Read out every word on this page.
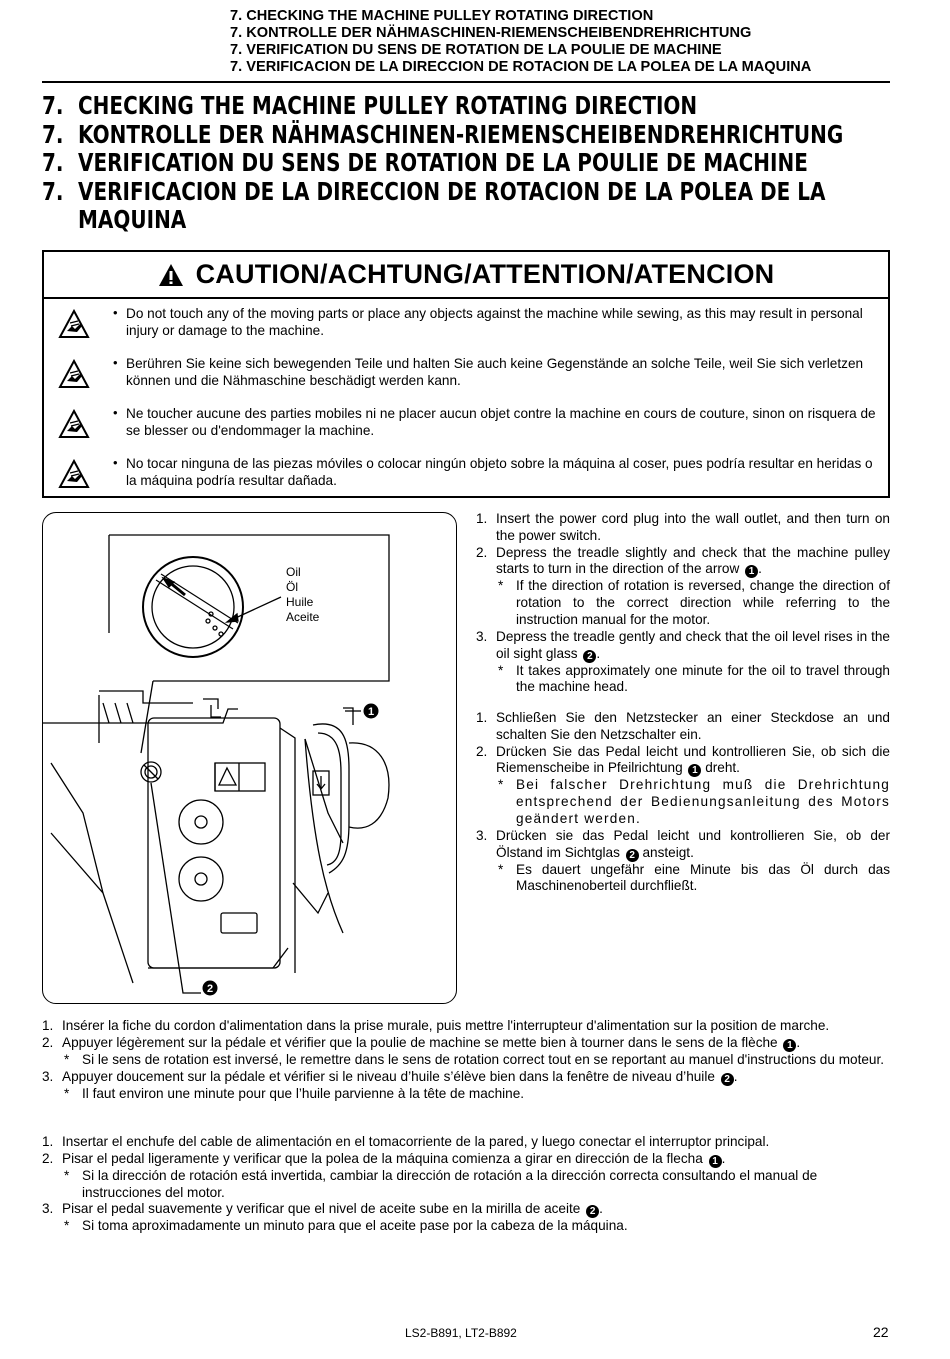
7. CHECKING THE MACHINE PULLEY ROTATING DIRECTION
7. KONTROLLE DER NÄHMASCHINEN-RIEMENSCHEIBENDREHRICHTUNG
7. VERIFICATION DU SENS DE ROTATION DE LA POULIE DE MACHINE
7. VERIFICACION DE LA DIRECCION DE ROTACION DE LA POLEA DE LA MAQUINA
7. CHECKING THE MACHINE PULLEY ROTATING DIRECTION
7. KONTROLLE DER NÄHMASCHINEN-RIEMENSCHEIBENDREHRICHTUNG
7. VERIFICATION DU SENS DE ROTATION DE LA POULIE DE MACHINE
7. VERIFICACION DE LA DIRECCION DE ROTACION DE LA POLEA DE LA
MAQUINA
CAUTION/ACHTUNG/ATTENTION/ATENCION
• Do not touch any of the moving parts or place any objects against the machine while sewing, as this may result in personal injury or damage to the machine.
• Berühren Sie keine sich bewegenden Teile und halten Sie auch keine Gegenstände an solche Teile, weil Sie sich verletzen können und die Nähmaschine beschädigt werden kann.
• Ne toucher aucune des parties mobiles ni ne placer aucun objet contre la machine en cours de couture, sinon on risquera de se blesser ou d'endommager la machine.
• No tocar ninguna de las piezas móviles o colocar ningún objeto sobre la máquina al coser, pues podría resultar en heridas o la máquina podría resultar dañada.
1
2
Oil
Öl
Huile
Aceite
1. Insert the power cord plug into the wall outlet, and then turn on the power switch.
2. Depress the treadle slightly and check that the machine pulley starts to turn in the direction of the arrow 1 .
* If the direction of rotation is reversed, change the direction of rotation to the correct direction while referring to the instruction manual for the motor.
3. Depress the treadle gently and check that the oil level rises in the oil sight glass 2 .
* It takes approximately one minute for the oil to travel through the machine head.
1. Schließen Sie den Netzstecker an einer Steckdose an und schalten Sie den Netzschalter ein.
2. Drücken Sie das Pedal leicht und kontrollieren Sie, ob sich die Riemenscheibe in Pfeilrichtung 1 dreht.
* Bei falscher Drehrichtung muß die Drehrichtung entsprechend der Bedienungsanleitung des Motors geändert werden.
3. Drücken sie das Pedal leicht und kontrollieren Sie, ob der Ölstand im Sichtglas 2 ansteigt.
* Es dauert ungefähr eine Minute bis das Öl durch das Maschinenoberteil durchfließt.
1. Insérer la fiche du cordon d'alimentation dans la prise murale, puis mettre l'interrupteur d'alimentation sur la position de marche.
2. Appuyer légèrement sur la pédale et vérifier que la poulie de machine se mette bien à tourner dans le sens de la flèche 1 .
* Si le sens de rotation est inversé, le remettre dans le sens de rotation correct tout en se reportant au manuel d'instructions du moteur.
3. Appuyer doucement sur la pédale et vérifier si le niveau d’huile s’élève bien dans la fenêtre de niveau d’huile 2 .
* Il faut environ une minute pour que l’huile parvienne à la tête de machine.
1. Insertar el enchufe del cable de alimentación en el tomacorriente de la pared, y luego conectar el interruptor principal.
2. Pisar el pedal ligeramente y verificar que la polea de la máquina comienza a girar en dirección de la flecha 1 .
* Si la dirección de rotación está invertida, cambiar la dirección de rotación a la dirección correcta consultando el manual de instrucciones del motor.
3. Pisar el pedal suavemente y verificar que el nivel de aceite sube en la mirilla de aceite 2 .
* Si toma aproximadamente un minuto para que el aceite pase por la cabeza de la máquina.
LS2-B891, LT2-B892	22
